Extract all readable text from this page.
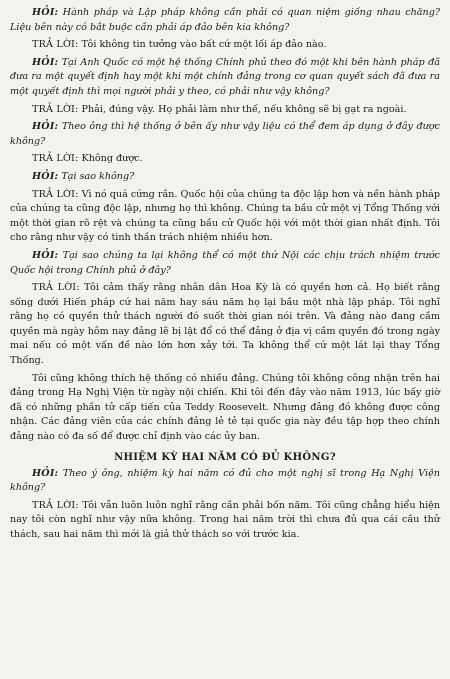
HỎI: Hành pháp và Lập pháp không cần phải có quan niệm giống nhau chăng? Liệu bên này có bắt buộc cần phải áp đảo bên kia không?

TRẢ LỜI: Tôi không tin tưởng vào bất cứ một lối áp đảo nào.

HỎI: Tại Anh Quốc có một hệ thống Chính phủ theo đó một khi bên hành pháp đã đưa ra một quyết định hay một khi một chính đảng trong cơ quan quyết sách đã đưa ra một quyết định thì mọi người phải y theo, có phải như vậy không?

TRẢ LỜI: Phải, đúng vậy. Họ phải làm như thế, nếu không sẽ bị gạt ra ngoài.

HỎI: Theo ông thì hệ thống ở bên ấy như vậy liệu có thể đem áp dụng ở đây được không?

TRẢ LỜI: Không được.

HỎI: Tại sao không?

TRẢ LỜI: Vì nó quá cứng rắn. Quốc hội của chúng ta độc lập hơn và nền hành pháp của chúng ta cũng độc lập, nhưng họ thì không. Chúng ta bầu cử một vị Tổng Thống với một thời gian rõ rệt và chúng ta cũng bầu cử Quốc hội với một thời gian nhất định. Tôi cho rằng như vậy có tinh thần trách nhiệm nhiều hơn.

HỎI: Tại sao chúng ta lại không thể có một thứ Nội các chịu trách nhiệm trước Quốc hội trong Chính phủ ở đây?

TRẢ LỜI: Tôi cảm thấy rằng nhân dân Hoa Kỳ là có quyền hơn cả. Họ biết rằng sống dưới Hiến pháp cứ hai năm hay sáu năm họ lại bầu một nhà lập pháp. Tôi nghĩ rằng họ có quyền thử thách người đó suốt thời gian nói trên. Và đảng nào đang cầm quyền mà ngày hôm nay đảng lẽ bị lật đổ có thể đảng ở địa vị cầm quyền đó trong ngày mai nếu có một vấn đề nào lớn hơn xảy tới. Ta không thể cứ một lát lại thay Tổng Thống.

Tôi cũng không thích hệ thống có nhiều đảng. Chúng tôi không công nhận trên hai đảng trong Hạ Nghị Viện từ ngày nội chiến. Khi tôi đến đây vào năm 1913, lúc bấy giờ đã có những phần tử cấp tiến của Teddy Roosevelt. Nhưng đảng đó không được công nhận. Các đảng viên của các chính đảng lẻ tẻ tại quốc gia này đều tập hợp theo chính đảng nào có đa số để được chỉ định vào các ủy ban.

NHIỆM KỲ HAI NĂM CÓ ĐỦ KHÔNG?

HỎI: Theo ý ông, nhiệm kỳ hai năm có đủ cho một nghị sĩ trong Hạ Nghị Viện không?

TRẢ LỜI: Tôi vẫn luôn luôn nghĩ rằng cần phải bốn năm. Tôi cũng chẳng hiểu hiện nay tôi còn nghĩ như vậy nữa không. Trong hai năm trời thì chưa đủ qua cái cầu thử thách, sau hai năm thì mới là giả thử thách so với trước kia.
